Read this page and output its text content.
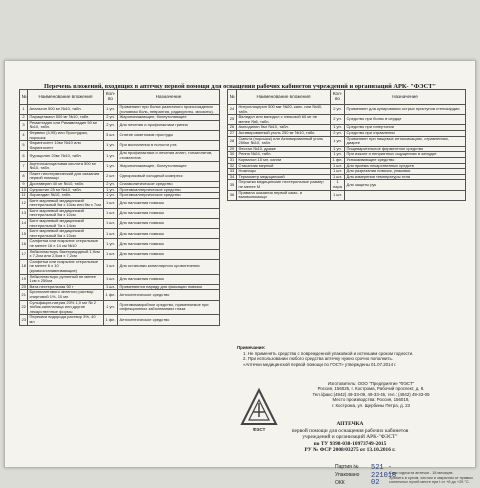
Перечень вложений, входящих в аптечку первой помощи для оснащения рабочих кабинетов учреждений и организаций АРК- "ФЭСТ"
№	Наименование вложения	Кол-во	Назначение
1	Анальгин 500 мг №10, табл.	1 уп.	Применяют при болях различного происхождения (головная боль, невралгия, радикулиты, миозиты).
2	Парацетамол 500 мг №10, табл.	2 уп.	Жаропонижающее, болеутоляющее
3	Ремантадин или Римавитадин 50 мг №10, табл.	2 уп.	Для лечения и профилактики гриппа
4	Фервекс (4,95) или Простудокс, порошок	3 шт.	Снятие симптомов простуды
5	Фарингосепт 10мг №10 или Фарингосепт	1 уп.	При воспалении в полости рта
6	Фурацилин 20мг №10, табл.	1 уп.	Для профилактики и лечения ангин, тонзиллитов, стоматитов
7	Ацетилсалициловая кислота 500 мг №10, табл.	1 уп.	Жаропонижающее, болеутоляющее
8	Пакет гипотермический для оказания первой помощи	2 шт.	Одноразовый холодный компресс
9	Дротаверин 40 мг №10, табл.	2 уп.	Спазмолитическое средство
10	Супрастин 25 мг №10, табл.	1 уп.	Противоаллергическое средство
11	Лоратадин №10, табл.	1 уп.	Противоаллергическое средство
12	Бинт марлевый медицинский нестерильный 5м х 10см или 5м х 7см	1 шт.	Для наложения повязок
13	Бинт марлевый медицинский нестерильный 5м х 10см	1 шт.	Для наложения повязок
14	Бинт марлевый медицинский нестерильный 7м х 14см	1 шт.	Для наложения повязок
15	Бинт марлевый медицинский нестерильный 5м х 10см	1 шт.	Для наложения повязок
16	Салфетки или покрытие стерильные не менее 16 х 14 см №10	1 уп.	Для наложения повязок
17	Лейкопластырь бактерицидный 1,9см х 7,2см или 2,5см х 7,2см	1 шт.	Для наложения повязок
18	Салфетки или покрытие стерильные не менее 6 х 10 (кровоостанавливающие)	1 шт.	Для остановки капиллярного кровотечения
19	Лейкопластырь рулонный не менее 1см х 250см	1 шт.	Для наложения повязок
20	Вата нестерильная 50 г	1 шт.	Применяются наряду для фиксации повязок
21	Бриллиантового зеленого раствор спиртовой 1%, 10 мл	1 фл.	Антисептическое средство
22	Сульфацил-натрия 20% 1,0 мл № 2 тюбик-капельница или другие лекарственные формы	1 уп.	Противомикробное средство, применяемое при инфекционных заболеваниях глаза
23	Перекиси водорода раствор 3%, 40 мл	1 фл.	Антисептическое средство
№	Наименование вложения	Кол-во	Назначение
24	Нитроглицерин 500 мкг №20, капс. или №40, табл.	2 уп.	Применяют для купирования острых приступов стенокардии
25	Валидол или валидол с глюкозой 60 мг не менее №6, табл.	2 уп.	Средство при болях в сердце
26	Амлодипин 5мг №10, табл.	1 уп.	Средство при гипертонии
27	Активированный уголь 250 мг №10, табл.	2 уп.	Средство при отравлении
28	Смекта (порошок) или Активированный уголь 250мг №10, табл.	1 уп.	Применяют при пищевых интоксикациях, отравлениях, диарее
29	Фестал №10, драже	1 уп.	Пищеварительное ферментное средство
30	Ренни №24, табл.	1 уп.	При изжоге и неприятных ощущениях в желудке
31	Корвалол 15 мл, капли	1 фл.	Успокаивающее средство
32	Стаканчик мерный	1 шт.	Для приема лекарственных средств
33	Ножницы	1 шт.	Для разрезания повязок, упаковки
34	Термометр медицинский	1 шт.	Для измерения температуры тела
35	Перчатки медицинские нестерильные размер не менее М	1 пара	Для защиты рук
36	Правила оказания первой само- и взаимопомощи	1 шт.	
Примечание:
1. Не применять средства с поврежденной упаковкой и истекшим сроком годности.
2. При использовании любого средства аптечку нужно срочно пополнить.
«Аптечки медицинской первой помощи по ГОСТ» утверждены 01.07.2014 г.
ФЭСТ
Изготовитель: ООО "Предприятие "ФЭСТ"
Россия, 156025, г. Кострома, Рабочий проспект, д. 8.
Тел./факс:(4942) 49-33-09, 49-33-45, тел.: (4942) 49-33-05
Место производства: Россия, 156019,
г. Кострома, ул. Щербины Петра, д. 23
АПТЕЧКА
первой помощи для оснащения рабочих кабинетов
учреждений и организаций АРК-"ФЭСТ"
по ТУ 9398-038-10973749-2015
РУ № ФСР 2008/03275 от 13.10.2016 г.
Партия №
Упаковано
ОКК
521 -
221018
02
Срок годности аптечки - 18 месяцев.
Хранить в сухом, чистом и закрытом от прямых солнечных лучей месте при t от +8 до +25 °C.
